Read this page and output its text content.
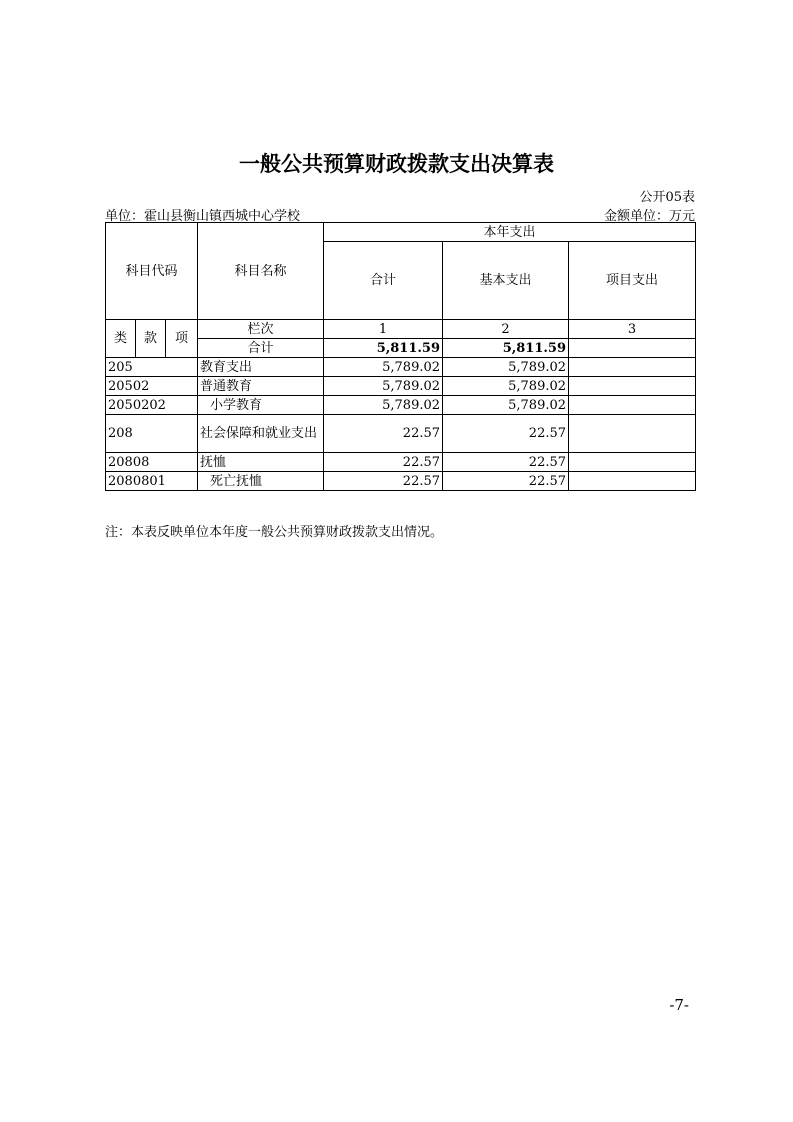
一般公共预算财政拨款支出决算表
公开05表
单位：霍山县衡山镇西城中心学校	金额单位：万元
科目代码			科目名称	本年支出		
				合计	基本支出	项目支出
类	款	项	栏次	1	2	3
			合计	5,811.59	5,811.59	
205			教育支出	5,789.02	5,789.02	
20502			普通教育	5,789.02	5,789.02	
2050202			小学教育	5,789.02	5,789.02	
208			社会保障和就业支出	22.57	22.57	
20808			抚恤	22.57	22.57	
2080801			死亡抚恤	22.57	22.57	
注：本表反映单位本年度一般公共预算财政拨款支出情况。
-7-
